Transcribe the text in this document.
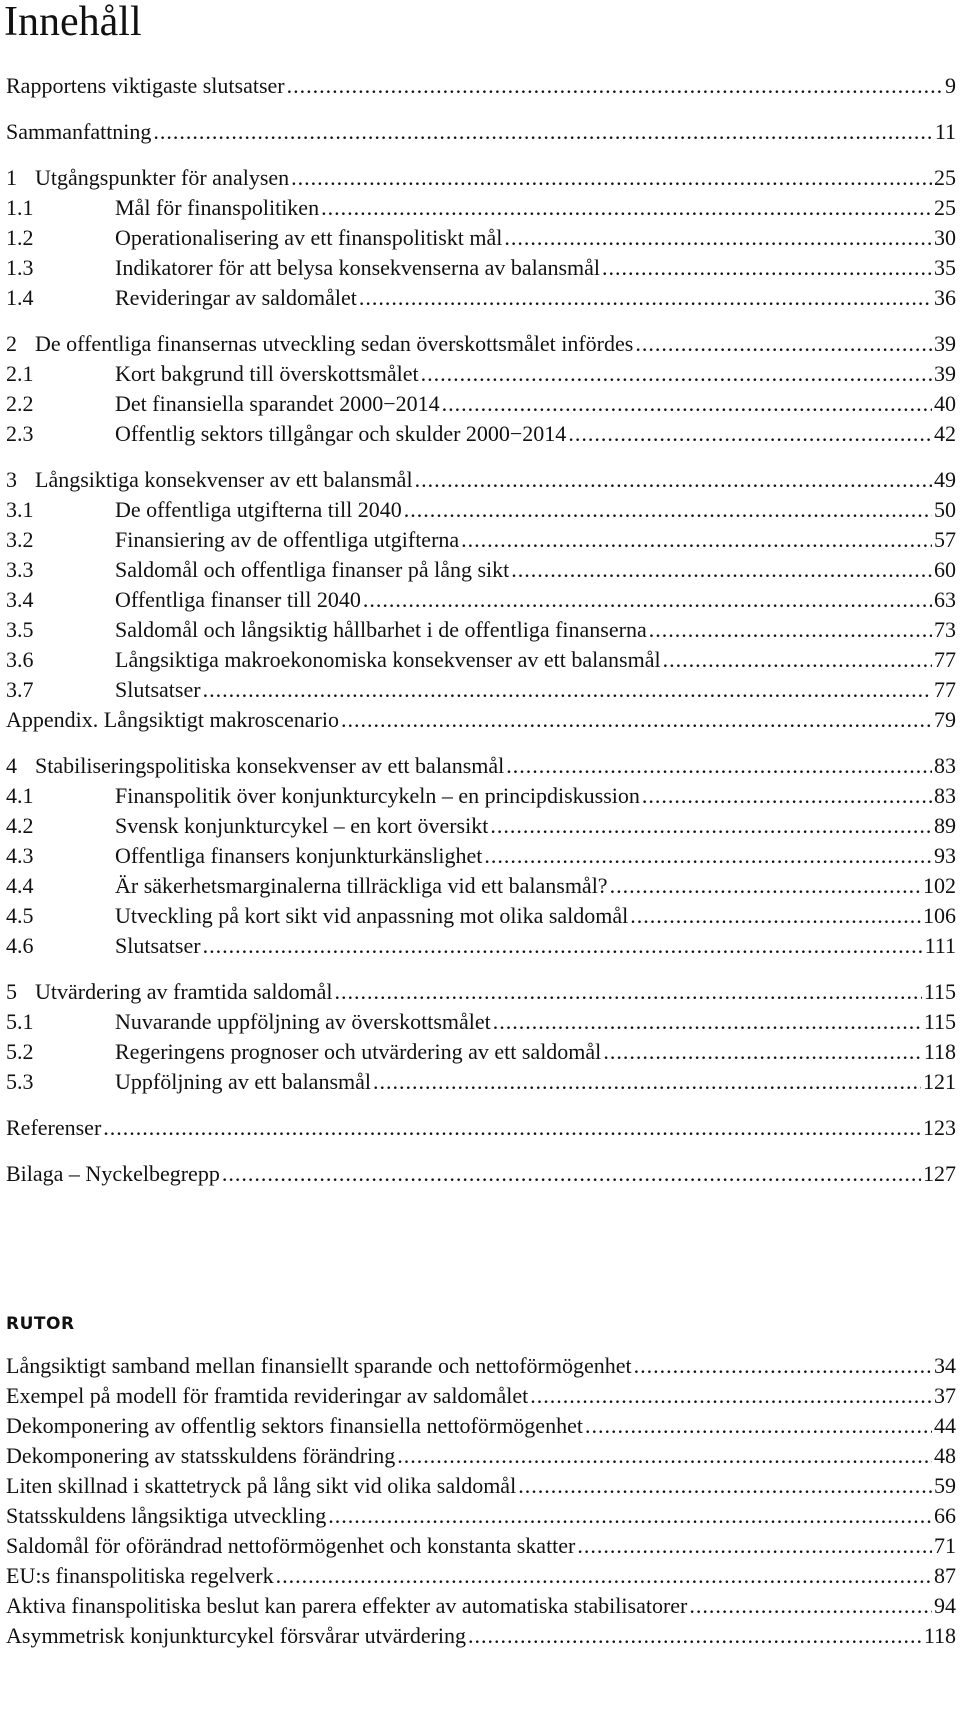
Innehåll
Rapportens viktigaste slutsatser .....	9
Sammanfattning .....	11
1 Utgångspunkter för analysen .....	25
1.1	Mål för finanspolitiken .....	25
1.2	Operationalisering av ett finanspolitiskt mål .....	30
1.3	Indikatorer för att belysa konsekvenserna av balansmål .....	35
1.4	Revideringar av saldomålet .....	36
2 De offentliga finansernas utveckling sedan överskottsmålet infördes .....	39
2.1	Kort bakgrund till överskottsmålet .....	39
2.2	Det finansiella sparandet 2000−2014 .....	40
2.3	Offentlig sektors tillgångar och skulder 2000−2014 .....	42
3 Långsiktiga konsekvenser av ett balansmål .....	49
3.1	De offentliga utgifterna till 2040 .....	50
3.2	Finansiering av de offentliga utgifterna .....	57
3.3	Saldomål och offentliga finanser på lång sikt .....	60
3.4	Offentliga finanser till 2040 .....	63
3.5	Saldomål och långsiktig hållbarhet i de offentliga finanserna .....	73
3.6	Långsiktiga makroekonomiska konsekvenser av ett balansmål .....	77
3.7	Slutsatser .....	77
Appendix. Långsiktigt makroscenario .....	79
4 Stabiliseringspolitiska konsekvenser av ett balansmål .....	83
4.1	Finanspolitik över konjunkturcykeln – en principdiskussion .....	83
4.2	Svensk konjunkturcykel – en kort översikt .....	89
4.3	Offentliga finansers konjunkturkänslighet .....	93
4.4	Är säkerhetsmarginalerna tillräckliga vid ett balansmål? .....	102
4.5	Utveckling på kort sikt vid anpassning mot olika saldomål .....	106
4.6	Slutsatser .....	111
5 Utvärdering av framtida saldomål .....	115
5.1	Nuvarande uppföljning av överskottsmålet .....	115
5.2	Regeringens prognoser och utvärdering av ett saldomål .....	118
5.3	Uppföljning av ett balansmål .....	121
Referenser .....	123
Bilaga – Nyckelbegrepp .....	127
RUTOR
Långsiktigt samband mellan finansiellt sparande och nettoförmögenhet .....	34
Exempel på modell för framtida revideringar av saldomålet .....	37
Dekomponering av offentlig sektors finansiella nettoförmögenhet .....	44
Dekomponering av statsskuldens förändring .....	48
Liten skillnad i skattetryck på lång sikt vid olika saldomål .....	59
Statsskuldens långsiktiga utveckling .....	66
Saldomål för oförändrad nettoförmögenhet och konstanta skatter .....	71
EU:s finanspolitiska regelverk .....	87
Aktiva finanspolitiska beslut kan parera effekter av automatiska stabilisatorer .....	94
Asymmetrisk konjunkturcykel försvårar utvärdering .....	118
